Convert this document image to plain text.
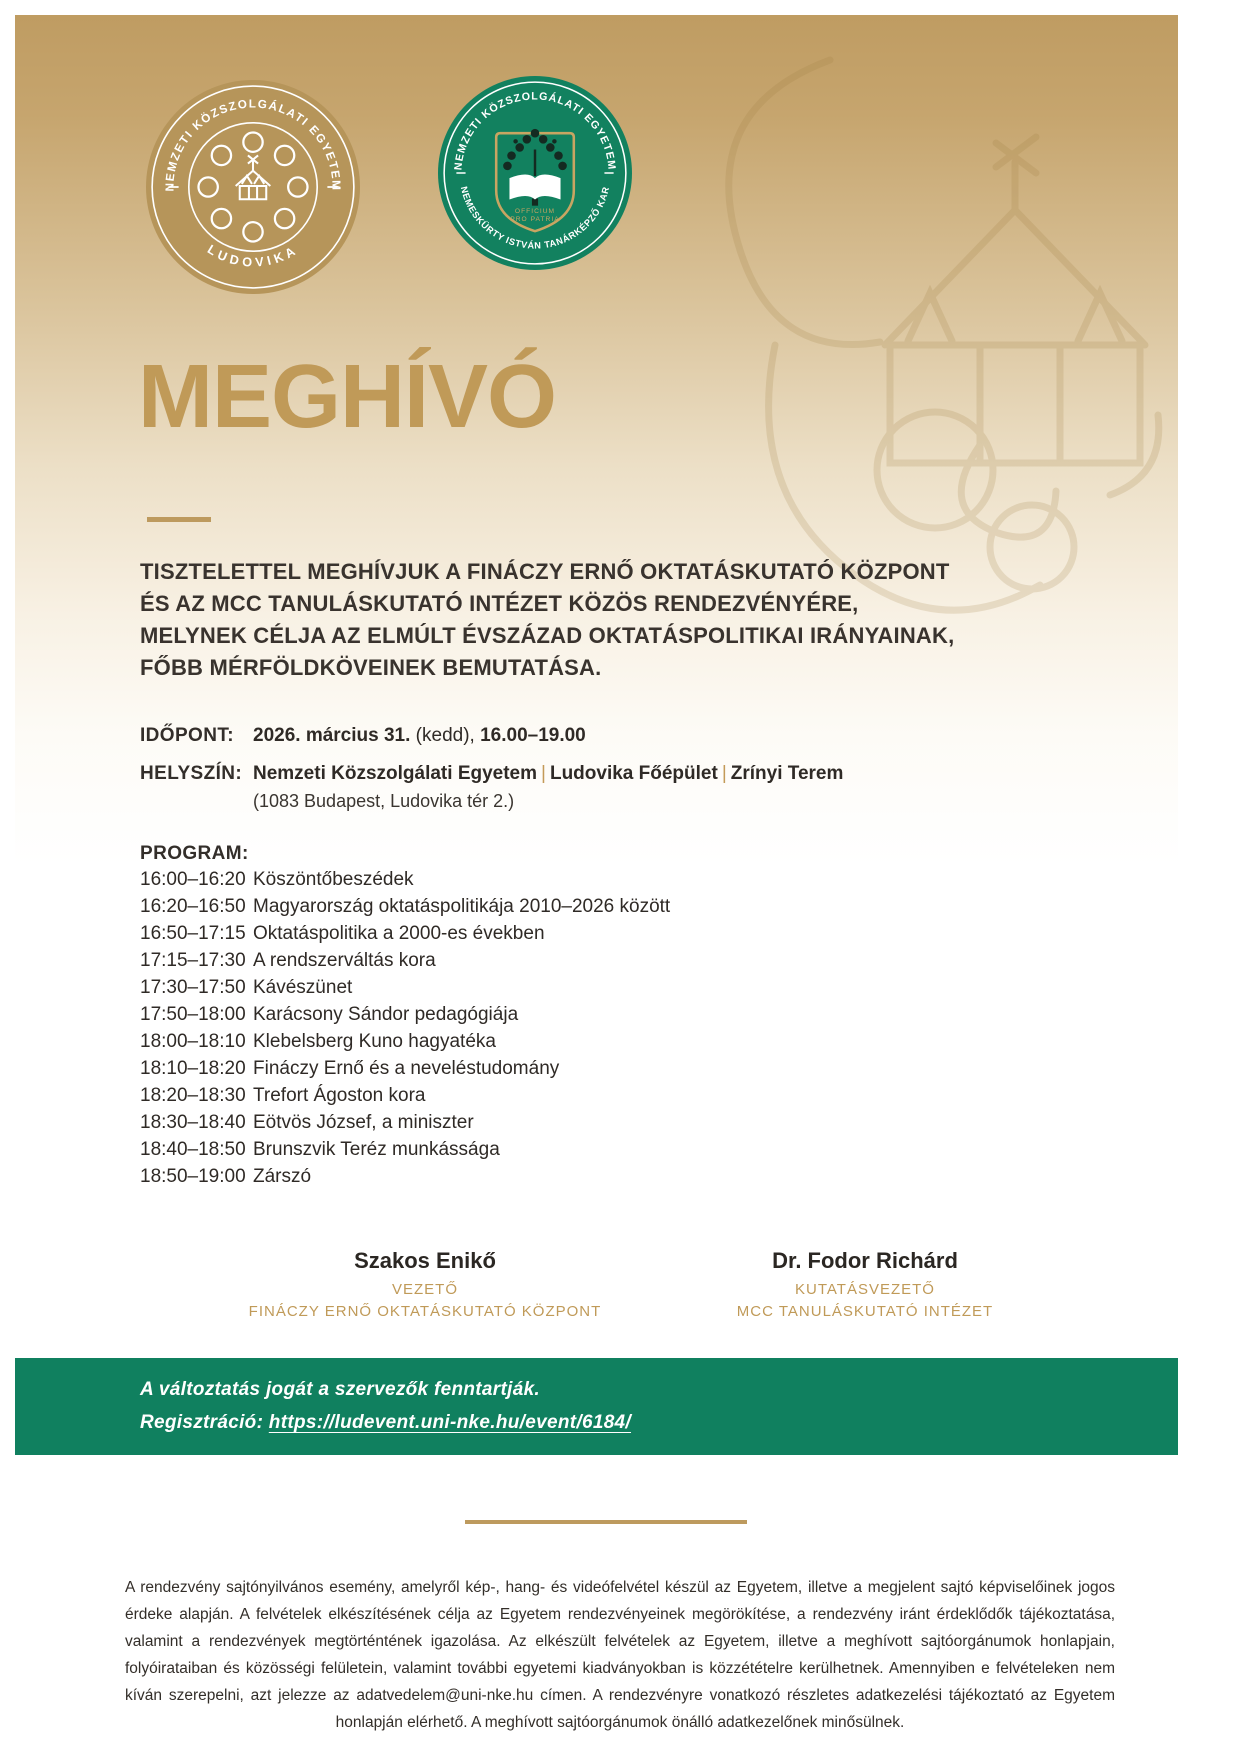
NEMZETI KÖZSZOLGÁLATI EGYETEM
LUDOVIKA
OFFICIUM
PRO PATRIA
NEMZETI KÖZSZOLGÁLATI EGYETEM
NEMESKÜRTY ISTVÁN TANÁRKÉPZŐ KAR
MEGHÍVÓ
TISZTELETTEL MEGHÍVJUK A FINÁCZY ERNŐ OKTATÁSKUTATÓ KÖZPONT
ÉS AZ MCC TANULÁSKUTATÓ INTÉZET KÖZÖS RENDEZVÉNYÉRE,
MELYNEK CÉLJA AZ ELMÚLT ÉVSZÁZAD OKTATÁSPOLITIKAI IRÁNYAINAK,
FŐBB MÉRFÖLDKÖVEINEK BEMUTATÁSA.
IDŐPONT:	2026. március 31. (kedd), 16.00–19.00
HELYSZÍN: Nemzeti Közszolgálati Egyetem | Ludovika Főépület | Zrínyi Terem
(1083 Budapest, Ludovika tér 2.)
PROGRAM:
16:00–16:20 Köszöntőbeszédek
16:20–16:50 Magyarország oktatáspolitikája 2010–2026 között
16:50–17:15 Oktatáspolitika a 2000-es években
17:15–17:30 A rendszerváltás kora
17:30–17:50 Kávészünet
17:50–18:00 Karácsony Sándor pedagógiája
18:00–18:10 Klebelsberg Kuno hagyatéka
18:10–18:20 Fináczy Ernő és a neveléstudomány
18:20–18:30 Trefort Ágoston kora
18:30–18:40 Eötvös József, a miniszter
18:40–18:50 Brunszvik Teréz munkássága
18:50–19:00 Zárszó
Szakos Enikő
VEZETŐ
FINÁCZY ERNŐ OKTATÁSKUTATÓ KÖZPONT
Dr. Fodor Richárd
KUTATÁSVEZETŐ
MCC TANULÁSKUTATÓ INTÉZET
A változtatás jogát a szervezők fenntartják.
Regisztráció: https://ludevent.uni-nke.hu/event/6184/
A rendezvény sajtónyilvános esemény, amelyről kép-, hang- és videófelvétel készül az Egyetem, illetve a megjelent sajtó képviselőinek jogos érdeke alapján. A felvételek elkészítésének célja az Egyetem rendezvényeinek megörökítése, a rendezvény iránt érdeklődők tájékoztatása, valamint a rendezvények megtörténtének igazolása. Az elkészült felvételek az Egyetem, illetve a meghívott sajtóorgánumok honlapjain, folyóirataiban és közösségi felületein, valamint további egyetemi kiadványokban is közzétételre kerülhetnek. Amennyiben e felvételeken nem kíván szerepelni, azt jelezze az adatvedelem@uni-nke.hu címen. A rendezvényre vonatkozó részletes adatkezelési tájékoztató az Egyetem honlapján elérhető. A meghívott sajtóorgánumok önálló adatkezelőnek minősülnek.
